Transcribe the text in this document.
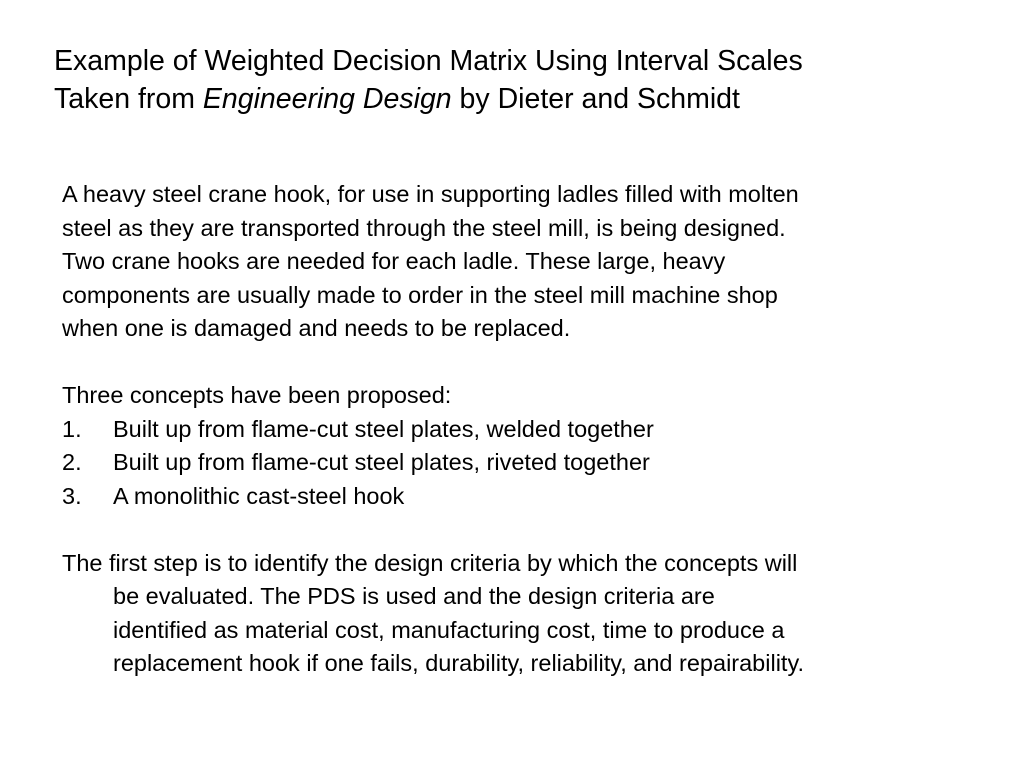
Example of Weighted Decision Matrix Using Interval Scales
Taken from Engineering Design by Dieter and Schmidt

A heavy steel crane hook, for use in supporting ladles filled with molten
steel as they are transported through the steel mill, is being designed.
Two crane hooks are needed for each ladle. These large, heavy
components are usually made to order in the steel mill machine shop
when one is damaged and needs to be replaced.

Three concepts have been proposed:

1.	Built up from flame-cut steel plates, welded together
2.	Built up from flame-cut steel plates, riveted together
3.	A monolithic cast-steel hook

The first step is to identify the design criteria by which the concepts will
be evaluated. The PDS is used and the design criteria are
identified as material cost, manufacturing cost, time to produce a
replacement hook if one fails, durability, reliability, and repairability.
